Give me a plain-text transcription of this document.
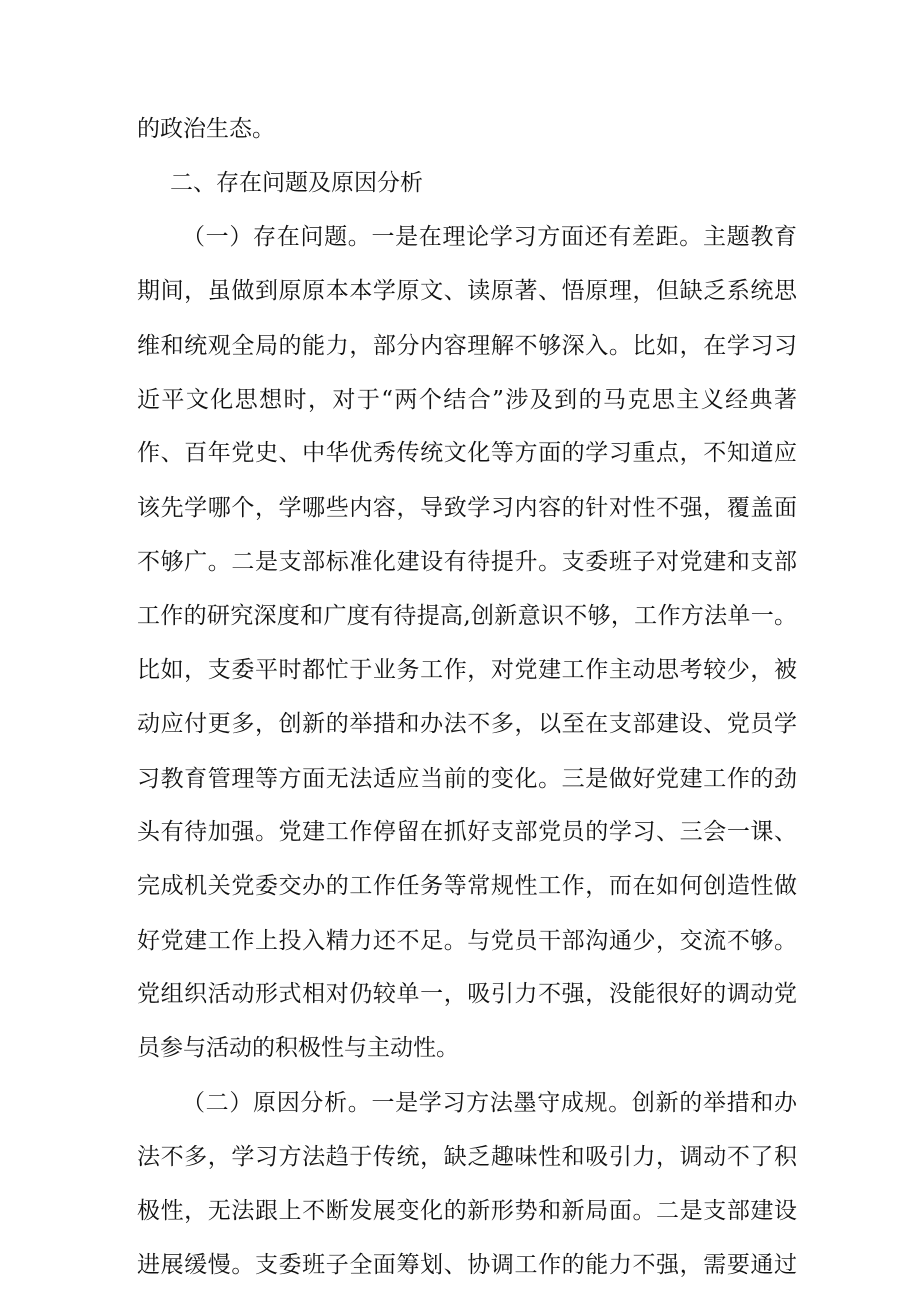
的政治生态。
二、存在问题及原因分析
（一）存在问题。一是在理论学习方面还有差距。主题教育
期间，虽做到原原本本学原文、读原著、悟原理，但缺乏系统思
维和统观全局的能力，部分内容理解不够深入。比如，在学习习
近平文化思想时，对于“两个结合”涉及到的马克思主义经典著
作、百年党史、中华优秀传统文化等方面的学习重点，不知道应
该先学哪个，学哪些内容，导致学习内容的针对性不强，覆盖面
不够广。二是支部标准化建设有待提升。支委班子对党建和支部
工作的研究深度和广度有待提高,创新意识不够，工作方法单一。
比如，支委平时都忙于业务工作，对党建工作主动思考较少，被
动应付更多，创新的举措和办法不多，以至在支部建设、党员学
习教育管理等方面无法适应当前的变化。三是做好党建工作的劲
头有待加强。党建工作停留在抓好支部党员的学习、三会一课、
完成机关党委交办的工作任务等常规性工作，而在如何创造性做
好党建工作上投入精力还不足。与党员干部沟通少，交流不够。
党组织活动形式相对仍较单一，吸引力不强，没能很好的调动党
员参与活动的积极性与主动性。
（二）原因分析。一是学习方法墨守成规。创新的举措和办
法不多，学习方法趋于传统，缺乏趣味性和吸引力，调动不了积
极性，无法跟上不断发展变化的新形势和新局面。二是支部建设
进展缓慢。支委班子全面筹划、协调工作的能力不强，需要通过
